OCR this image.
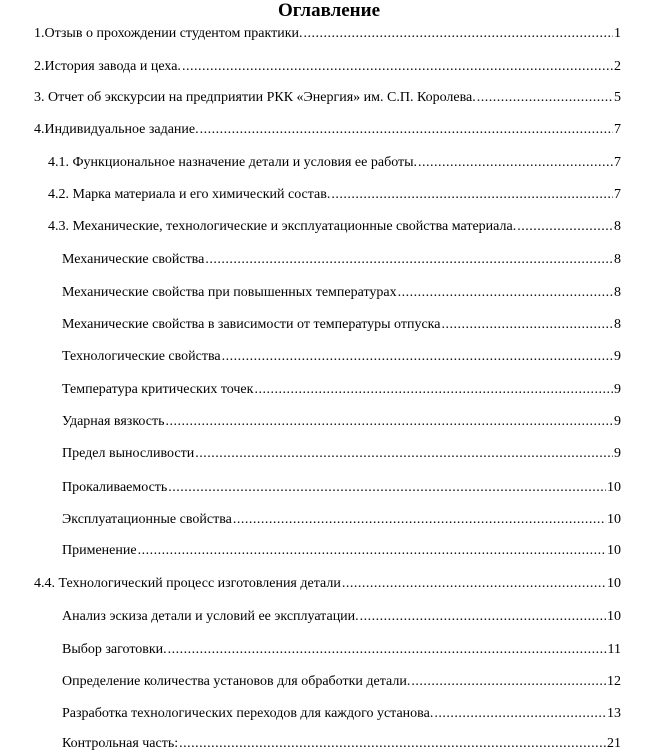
Оглавление
1.Отзыв о прохождении студентом практики. .....	1
2.История завода и цеха. .....	2
3. Отчет об экскурсии на предприятии РКК «Энергия» им. С.П. Королева. .....	5
4.Индивидуальное задание. .....	7
4.1. Функциональное назначение детали и условия ее работы. .....	7
4.2. Марка материала и его химический состав. .....	7
4.3. Механические, технологические и эксплуатационные свойства материала. .....	8
Механические свойства .....	8
Механические свойства при повышенных температурах .....	8
Механические свойства в зависимости от температуры отпуска .....	8
Технологические свойства .....	9
Температура критических точек .....	9
Ударная вязкость .....	9
Предел выносливости .....	9
Прокаливаемость .....	10
Эксплуатационные свойства .....	10
Применение .....	10
4.4. Технологический процесс изготовления детали .....	10
Анализ эскиза детали и условий ее эксплуатации. .....	10
Выбор заготовки. .....	11
Определение количества установов для обработки детали. .....	12
Разработка технологических переходов для каждого установа. .....	13
Контрольная часть: .....	21
